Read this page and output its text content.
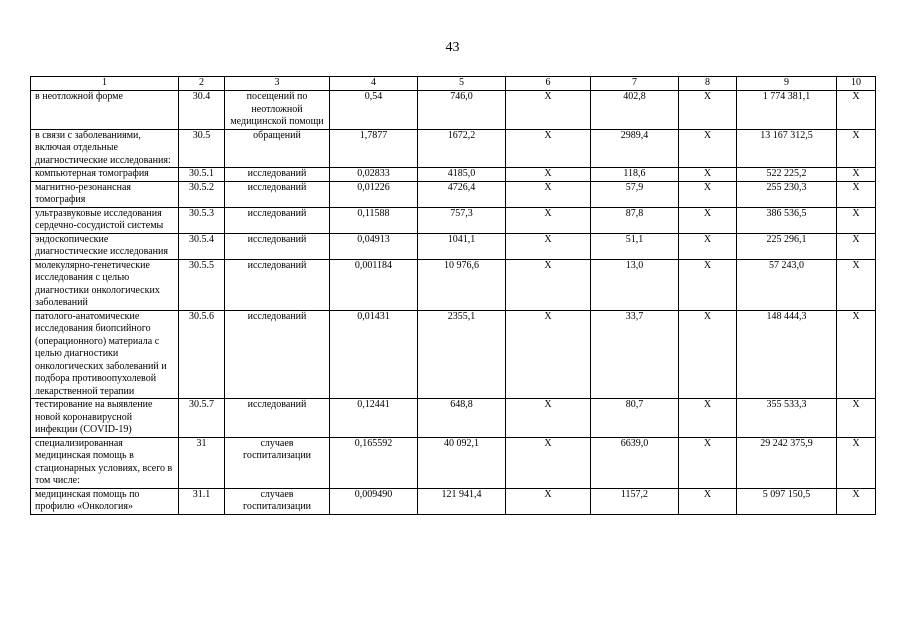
43
1	2	3	4	5	6	7	8	9	10
в неотложной форме	30.4	посещений по неотложной медицинской помощи	0,54	746,0	X	402,8	X	1 774 381,1	X
в связи с заболеваниями, включая отдельные диагностические исследования:	30.5	обращений	1,7877	1672,2	X	2989,4	X	13 167 312,5	X
компьютерная томография	30.5.1	исследований	0,02833	4185,0	X	118,6	X	522 225,2	X
магнитно-резонансная томография	30.5.2	исследований	0,01226	4726,4	X	57,9	X	255 230,3	X
ультразвуковые исследования сердечно-сосудистой системы	30.5.3	исследований	0,11588	757,3	X	87,8	X	386 536,5	X
эндоскопические диагностические исследования	30.5.4	исследований	0,04913	1041,1	X	51,1	X	225 296,1	X
молекулярно-генетические исследования с целью диагностики онкологических заболеваний	30.5.5	исследований	0,001184	10 976,6	X	13,0	X	57 243,0	X
патолого-анатомические исследования биопсийного (операционного) материала с целью диагностики онкологических заболеваний и подбора противоопухолевой лекарственной терапии	30.5.6	исследований	0,01431	2355,1	X	33,7	X	148 444,3	X
тестирование на выявление новой коронавирусной инфекции (COVID-19)	30.5.7	исследований	0,12441	648,8	X	80,7	X	355 533,3	X
специализированная медицинская помощь в стационарных условиях, всего в том числе:	31	случаев госпитализации	0,165592	40 092,1	X	6639,0	X	29 242 375,9	X
медицинская помощь по профилю «Онкология»	31.1	случаев госпитализации	0,009490	121 941,4	X	1157,2	X	5 097 150,5	X
